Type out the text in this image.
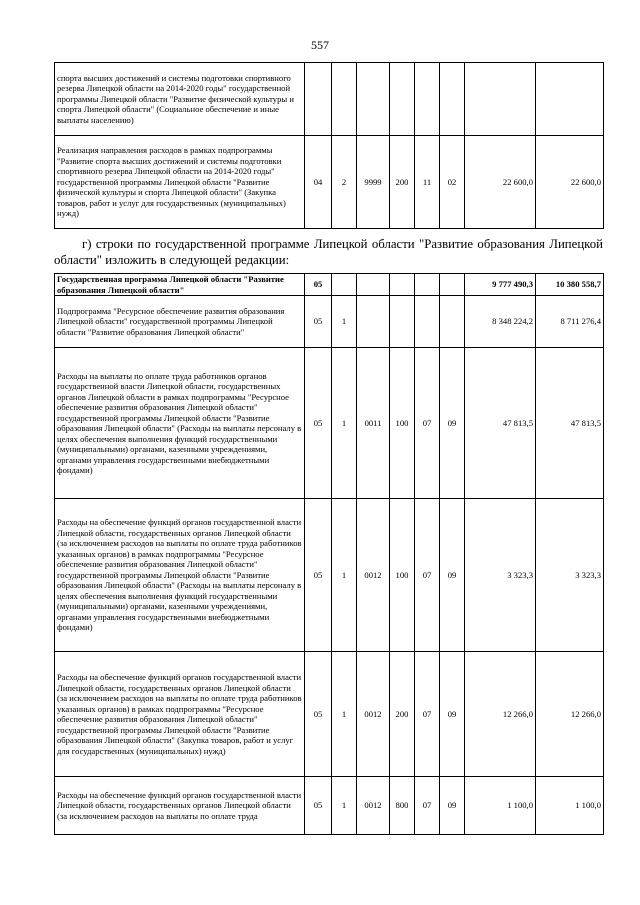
557
спорта высших достижений и системы подготовки спортивного резерва Липецкой области на 2014-2020 годы" государственной программы Липецкой области "Развитие физической культуры и спорта Липецкой области" (Социальное обеспечение и иные выплаты населению)								
Реализация направления расходов в рамках подпрограммы "Развитие спорта высших достижений и системы подготовки спортивного резерва Липецкой области на 2014-2020 годы" государственной программы Липецкой области "Развитие физической культуры и спорта Липецкой области" (Закупка товаров, работ и услуг для государственных (муниципальных) нужд)	04	2	9999	200	11	02	22 600,0	22 600,0
г) строки по государственной программе Липецкой области "Развитие образования Липецкой области" изложить в следующей редакции:
Государственная программа Липецкой области "Развитие образования Липецкой области"	05						9 777 490,3	10 380 558,7
Подпрограмма "Ресурсное обеспечение развития образования Липецкой области" государственной программы Липецкой области "Развитие образования Липецкой области"	05	1					8 348 224,2	8 711 276,4
Расходы на выплаты по оплате труда работников органов государственной власти Липецкой области, государственных органов Липецкой области в рамках подпрограммы "Ресурсное обеспечение развития образования Липецкой области" государственной программы Липецкой области "Развитие образования Липецкой области" (Расходы на выплаты персоналу в целях обеспечения выполнения функций государственными (муниципальными) органами, казенными учреждениями, органами управления государственными внебюджетными фондами)	05	1	0011	100	07	09	47 813,5	47 813,5
Расходы на обеспечение функций органов государственной власти Липецкой области, государственных органов Липецкой области (за исключением расходов на выплаты по оплате труда работников указанных органов) в рамках подпрограммы "Ресурсное обеспечение развития образования Липецкой области" государственной программы Липецкой области "Развитие образования Липецкой области" (Расходы на выплаты персоналу в целях обеспечения выполнения функций государственными (муниципальными) органами, казенными учреждениями, органами управления государственными внебюджетными фондами)	05	1	0012	100	07	09	3 323,3	3 323,3
Расходы на обеспечение функций органов государственной власти Липецкой области, государственных органов Липецкой области (за исключением расходов на выплаты по оплате труда работников указанных органов) в рамках подпрограммы "Ресурсное обеспечение развития образования Липецкой области" государственной программы Липецкой области "Развитие образования Липецкой области" (Закупка товаров, работ и услуг для государственных (муниципальных) нужд)	05	1	0012	200	07	09	12 266,0	12 266,0
Расходы на обеспечение функций органов государственной власти Липецкой области, государственных органов Липецкой области (за исключением расходов на выплаты по оплате труда	05	1	0012	800	07	09	1 100,0	1 100,0
